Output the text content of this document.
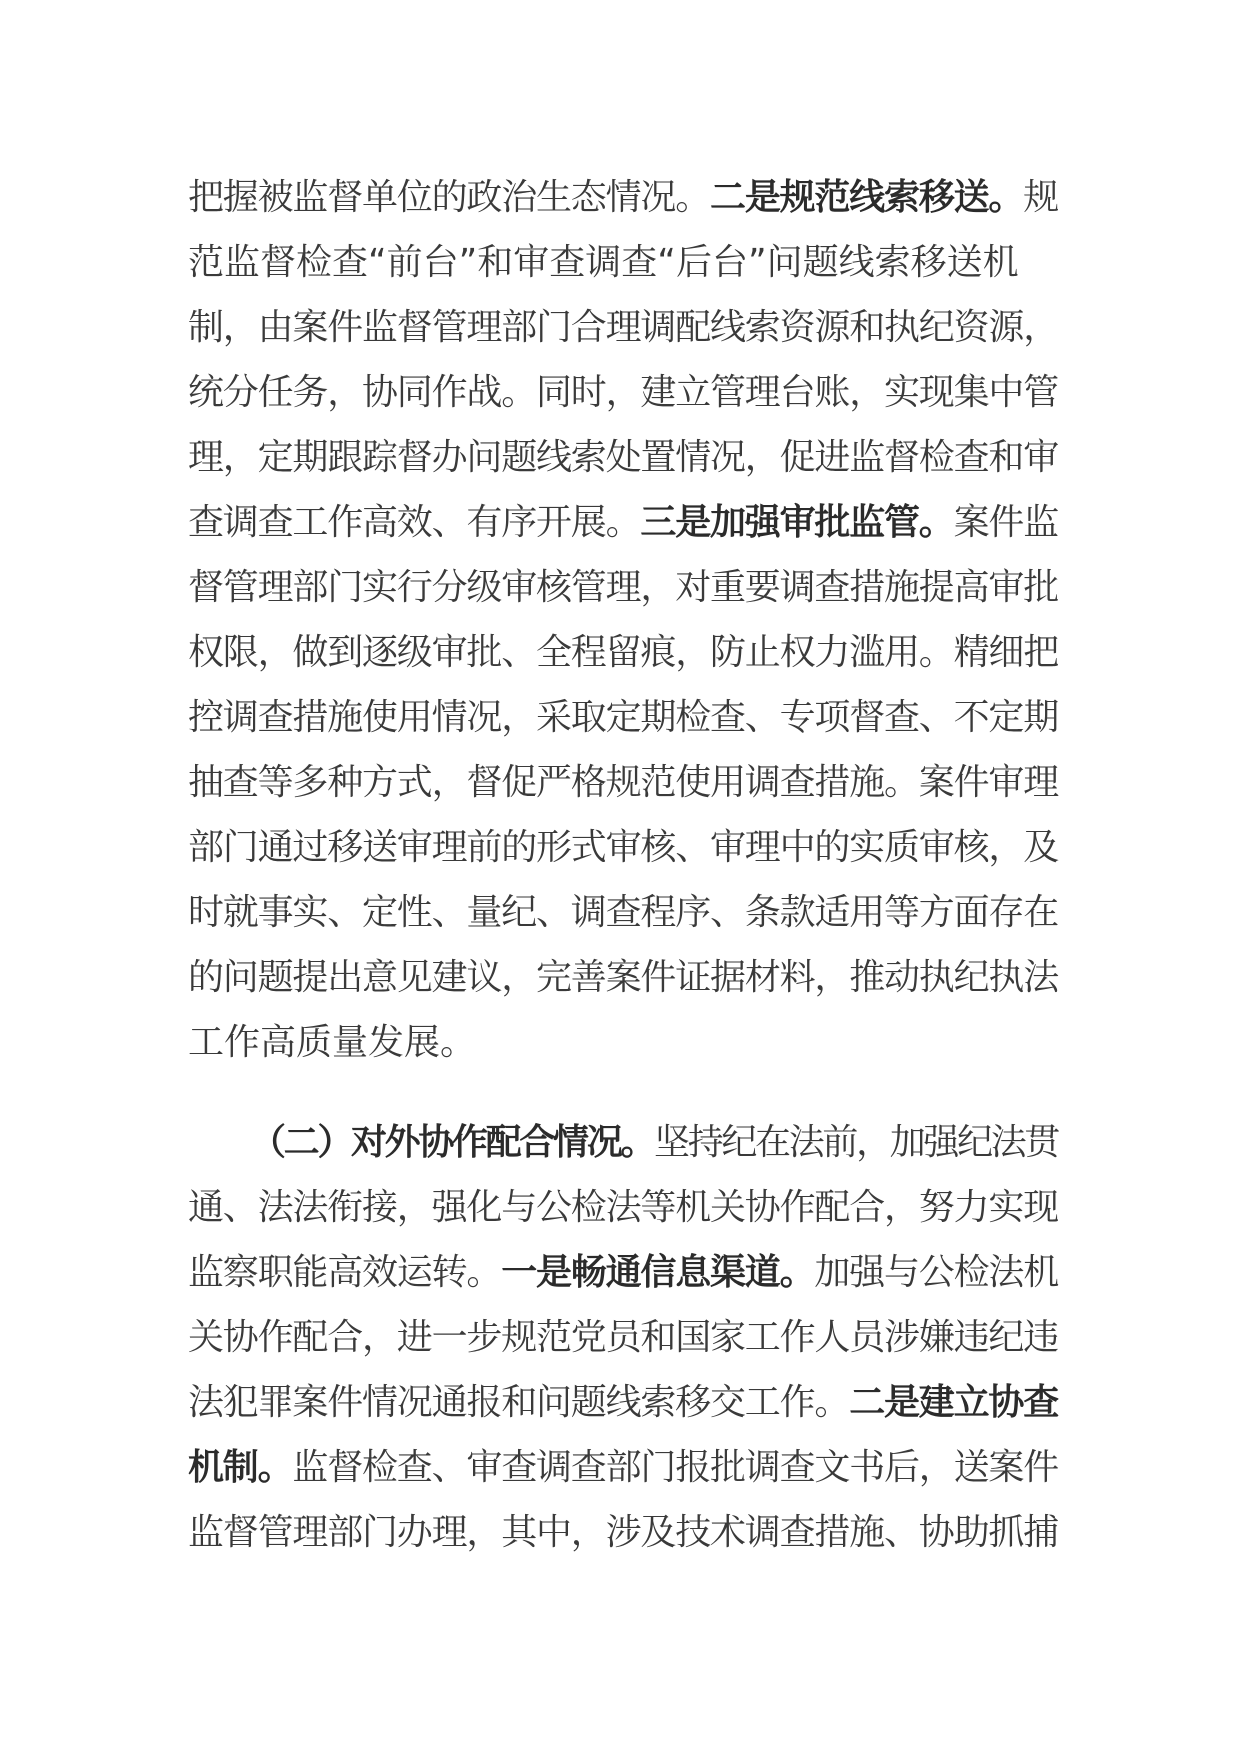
把握被监督单位的政治生态情况。二是规范线索移送。规
范监督检查“前台”和审查调查“后台”问题线索移送机
制，由案件监督管理部门合理调配线索资源和执纪资源，
统分任务，协同作战。同时，建立管理台账，实现集中管
理，定期跟踪督办问题线索处置情况，促进监督检查和审
查调查工作高效、有序开展。三是加强审批监管。案件监
督管理部门实行分级审核管理，对重要调查措施提高审批
权限，做到逐级审批、全程留痕，防止权力滥用。精细把
控调查措施使用情况，采取定期检查、专项督查、不定期
抽查等多种方式，督促严格规范使用调查措施。案件审理
部门通过移送审理前的形式审核、审理中的实质审核，及
时就事实、定性、量纪、调查程序、条款适用等方面存在
的问题提出意见建议，完善案件证据材料，推动执纪执法
工作高质量发展。
（二）对外协作配合情况。坚持纪在法前，加强纪法贯
通、法法衔接，强化与公检法等机关协作配合，努力实现
监察职能高效运转。一是畅通信息渠道。加强与公检法机
关协作配合，进一步规范党员和国家工作人员涉嫌违纪违
法犯罪案件情况通报和问题线索移交工作。二是建立协查
机制。监督检查、审查调查部门报批调查文书后，送案件
监督管理部门办理，其中，涉及技术调查措施、协助抓捕
